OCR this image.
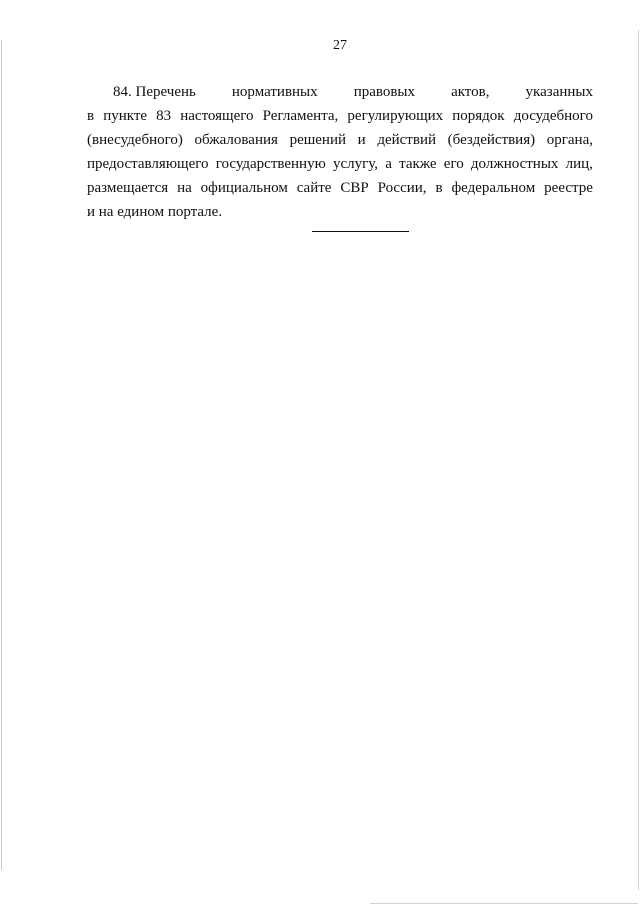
27
84. Перечень нормативных правовых актов, указанных
в пункте 83 настоящего Регламента, регулирующих порядок досудебного
(внесудебного) обжалования решений и действий (бездействия) органа,
предоставляющего государственную услугу, а также его должностных лиц,
размещается на официальном сайте СВР России, в федеральном реестре
и на едином портале.
